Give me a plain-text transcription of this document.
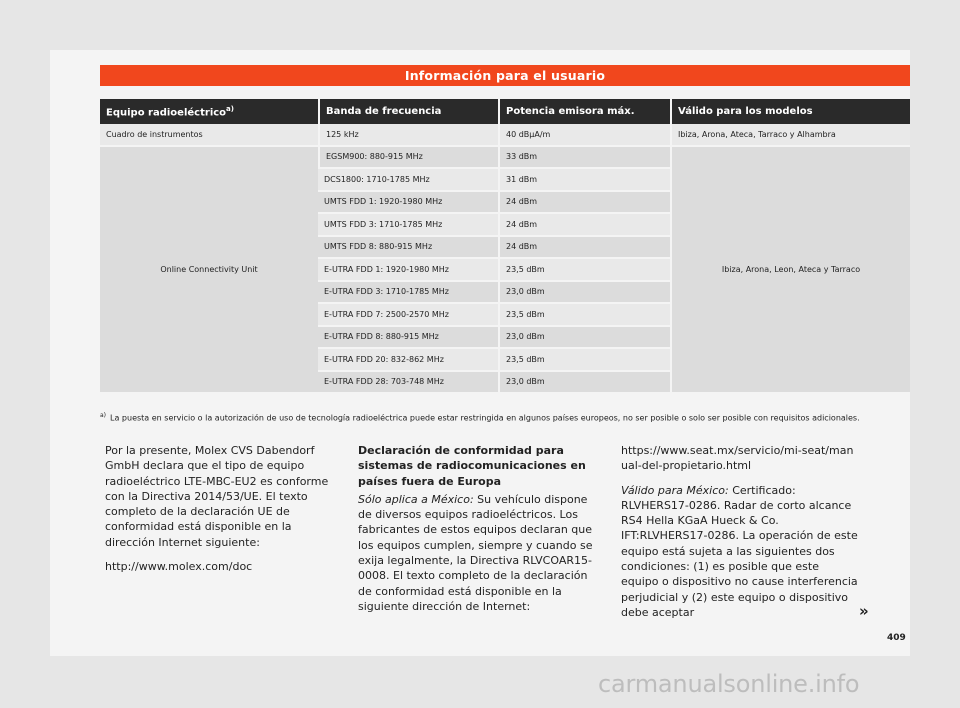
Información para el usuario
Equipo radioeléctrico$^{a)}$	Banda de frecuencia	Potencia emisora máx.	Válido para los modelos
Cuadro de instrumentos	125 kHz	40 dBµA/m	Ibiza, Arona, Ateca, Tarraco y Alhambra
Online Connectivity Unit	EGSM900: 880-915 MHz	33 dBm	Ibiza, Arona, Leon, Ateca y Tarraco
	DCS1800: 1710-1785 MHz	31 dBm	
	UMTS FDD 1: 1920-1980 MHz	24 dBm	
	UMTS FDD 3: 1710-1785 MHz	24 dBm	
	UMTS FDD 8: 880-915 MHz	24 dBm	
	E-UTRA FDD 1: 1920-1980 MHz	23,5 dBm	
	E-UTRA FDD 3: 1710-1785 MHz	23,0 dBm	
	E-UTRA FDD 7: 2500-2570 MHz	23,5 dBm	
	E-UTRA FDD 8: 880-915 MHz	23,0 dBm	
	E-UTRA FDD 20: 832-862 MHz	23,5 dBm	
	E-UTRA FDD 28: 703-748 MHz	23,0 dBm	
$^{a)}$ La puesta en servicio o la autorización de uso de tecnología radioeléctrica puede estar restringida en algunos países europeos, no ser posible o solo ser posible con requisitos adicionales.

Por la presente, Molex CVS Dabendorf GmbH declara que el tipo de equipo radioeléctrico LTE-MBC-EU2 es conforme con la Directiva 2014/53/UE. El texto completo de la declaración UE de conformidad está disponible en la dirección Internet siguiente:

http://www.molex.com/doc

Declaración de conformidad para sistemas de radiocomunicaciones en países fuera de Europa

Sólo aplica a México: Su vehículo dispone de diversos equipos radioeléctricos. Los fabricantes de estos equipos declaran que los equipos cumplen, siempre y cuando se exija legalmente, la Directiva RLVCOAR15-0008. El texto completo de la declaración de conformidad está disponible en la siguiente dirección de Internet:

https://www.seat.mx/servicio/mi-seat/manual-del-propietario.html

Válido para México: Certificado: RLVHERS17-0286. Radar de corto alcance RS4 Hella KGaA Hueck & Co. IFT:RLVHERS17-0286. La operación de este equipo está sujeta a las siguientes dos condiciones: (1) es posible que este equipo o dispositivo no cause interferencia perjudicial y (2) este equipo o dispositivo debe aceptar	»
409
carmanualsonline.info
